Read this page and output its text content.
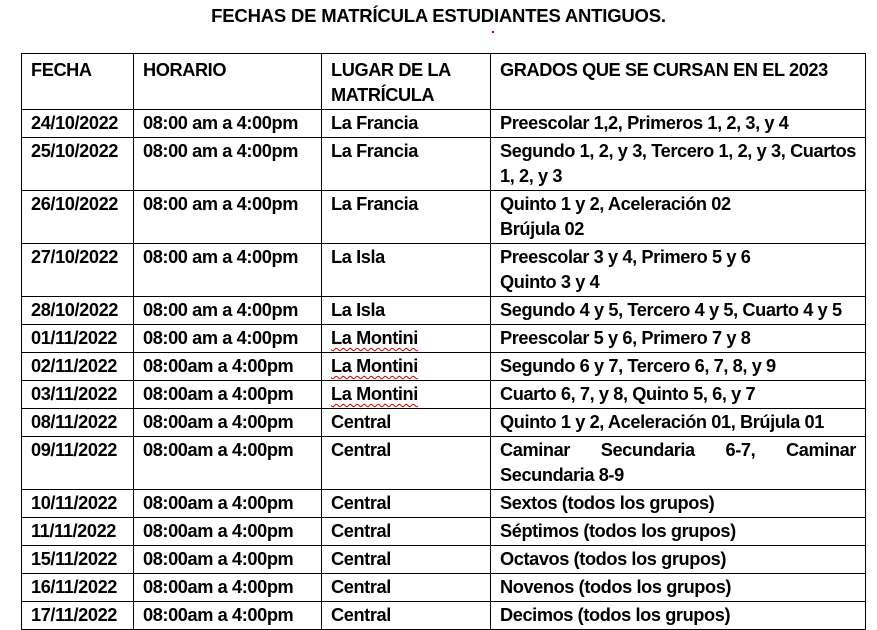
FECHAS DE MATRÍCULA ESTUDIANTES ANTIGUOS.
FECHA	HORARIO	LUGAR DE LA MATRÍCULA	GRADOS QUE SE CURSAN EN EL 2023
24/10/2022	08:00 am a 4:00pm	La Francia	Preescolar 1,2, Primeros 1, 2, 3, y 4
25/10/2022	08:00 am a 4:00pm	La Francia	Segundo 1, 2, y 3, Tercero 1, 2, y 3, Cuartos 1, 2, y 3
26/10/2022	08:00 am a 4:00pm	La Francia	Quinto 1 y 2, Aceleración 02
Brújula 02

27/10/2022	08:00 am a 4:00pm	La Isla	Preescolar 3 y 4, Primero 5 y 6
Quinto 3 y 4

28/10/2022	08:00 am a 4:00pm	La Isla	Segundo 4 y 5, Tercero 4 y 5, Cuarto 4 y 5
01/11/2022	08:00 am a 4:00pm	La Montini	Preescolar 5 y 6, Primero 7 y 8
02/11/2022	08:00am a 4:00pm	La Montini	Segundo 6 y 7, Tercero 6, 7, 8, y 9
03/11/2022	08:00am a 4:00pm	La Montini	Cuarto 6, 7, y 8, Quinto 5, 6, y 7
08/11/2022	08:00am a 4:00pm	Central	Quinto 1 y 2, Aceleración 01, Brújula 01
09/11/2022	08:00am a 4:00pm	Central	Caminar Secundaria 6-7, Caminar Secundaria 8-9
10/11/2022	08:00am a 4:00pm	Central	Sextos (todos los grupos)
11/11/2022	08:00am a 4:00pm	Central	Séptimos (todos los grupos)
15/11/2022	08:00am a 4:00pm	Central	Octavos (todos los grupos)
16/11/2022	08:00am a 4:00pm	Central	Novenos (todos los grupos)
17/11/2022	08:00am a 4:00pm	Central	Decimos (todos los grupos)
